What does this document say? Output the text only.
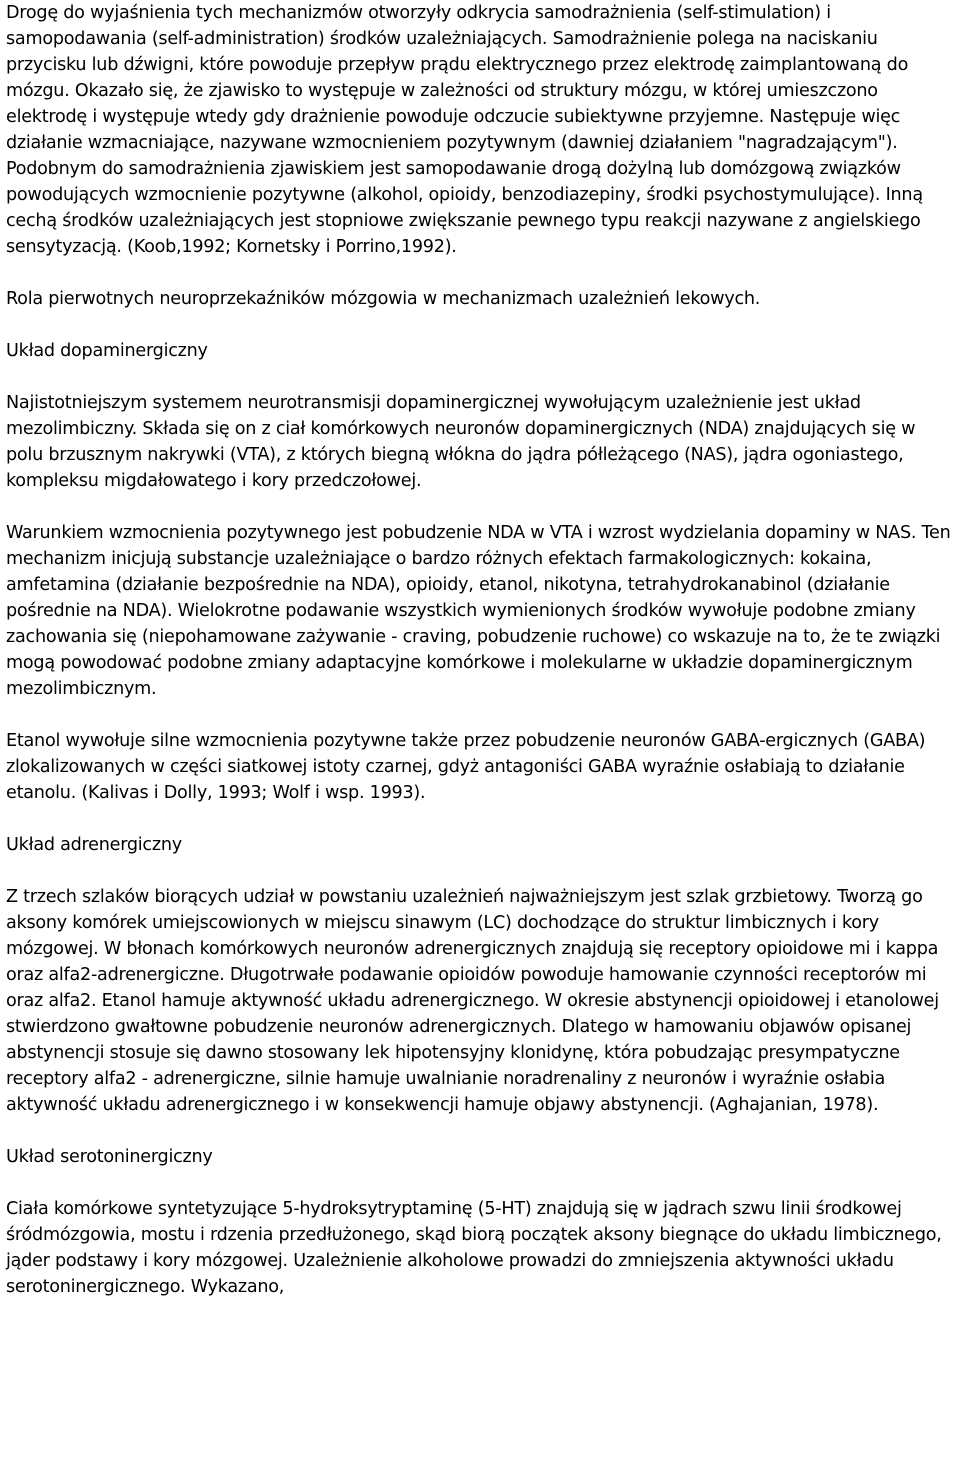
Drogę do wyjaśnienia tych mechanizmów otworzyły odkrycia samodrażnienia (self-stimulation) i samopodawania (self-administration) środków uzależniających. Samodrażnienie polega na naciskaniu przycisku lub dźwigni, które powoduje przepływ prądu elektrycznego przez elektrodę zaimplantowaną do mózgu. Okazało się, że zjawisko to występuje w zależności od struktury mózgu, w której umieszczono elektrodę i występuje wtedy gdy drażnienie powoduje odczucie subiektywne przyjemne. Następuje więc działanie wzmacniające, nazywane wzmocnieniem pozytywnym (dawniej działaniem "nagradzającym"). Podobnym do samodrażnienia zjawiskiem jest samopodawanie drogą dożylną lub domózgową związków powodujących wzmocnienie pozytywne (alkohol, opioidy, benzodiazepiny, środki psychostymulujące). Inną cechą środków uzależniających jest stopniowe zwiększanie pewnego typu reakcji nazywane z angielskiego sensytyzacją. (Koob,1992; Kornetsky i Porrino,1992).

Rola pierwotnych neuroprzekaźników mózgowia w mechanizmach uzależnień lekowych.

Układ dopaminergiczny

Najistotniejszym systemem neurotransmisji dopaminergicznej wywołującym uzależnienie jest układ mezolimbiczny. Składa się on z ciał komórkowych neuronów dopaminergicznych (NDA) znajdujących się w polu brzusznym nakrywki (VTA), z których biegną włókna do jądra półleżącego (NAS), jądra ogoniastego, kompleksu migdałowatego i kory przedczołowej.

Warunkiem wzmocnienia pozytywnego jest pobudzenie NDA w VTA i wzrost wydzielania dopaminy w NAS. Ten mechanizm inicjują substancje uzależniające o bardzo różnych efektach farmakologicznych: kokaina, amfetamina (działanie bezpośrednie na NDA), opioidy, etanol, nikotyna, tetrahydrokanabinol (działanie pośrednie na NDA). Wielokrotne podawanie wszystkich wymienionych środków wywołuje podobne zmiany zachowania się (niepohamowane zażywanie - craving, pobudzenie ruchowe) co wskazuje na to, że te związki mogą powodować podobne zmiany adaptacyjne komórkowe i molekularne w układzie dopaminergicznym mezolimbicznym.

Etanol wywołuje silne wzmocnienia pozytywne także przez pobudzenie neuronów GABA-ergicznych (GABA) zlokalizowanych w części siatkowej istoty czarnej, gdyż antagoniści GABA wyraźnie osłabiają to działanie etanolu. (Kalivas i Dolly, 1993; Wolf i wsp. 1993).

Układ adrenergiczny

Z trzech szlaków biorących udział w powstaniu uzależnień najważniejszym jest szlak grzbietowy. Tworzą go aksony komórek umiejscowionych w miejscu sinawym (LC) dochodzące do struktur limbicznych i kory mózgowej. W błonach komórkowych neuronów adrenergicznych znajdują się receptory opioidowe mi i kappa oraz alfa2-adrenergiczne. Długotrwałe podawanie opioidów powoduje hamowanie czynności receptorów mi oraz alfa2. Etanol hamuje aktywność układu adrenergicznego. W okresie abstynencji opioidowej i etanolowej stwierdzono gwałtowne pobudzenie neuronów adrenergicznych. Dlatego w hamowaniu objawów opisanej abstynencji stosuje się dawno stosowany lek hipotensyjny klonidynę, która pobudzając presympatyczne receptory alfa2 - adrenergiczne, silnie hamuje uwalnianie noradrenaliny z neuronów i wyraźnie osłabia aktywność układu adrenergicznego i w konsekwencji hamuje objawy abstynencji. (Aghajanian, 1978).

Układ serotoninergiczny

Ciała komórkowe syntetyzujące 5-hydroksytryptaminę (5-HT) znajdują się w jądrach szwu linii środkowej śródmózgowia, mostu i rdzenia przedłużonego, skąd biorą początek aksony biegnące do układu limbicznego, jąder podstawy i kory mózgowej. Uzależnienie alkoholowe prowadzi do zmniejszenia aktywności układu serotoninergicznego. Wykazano,
